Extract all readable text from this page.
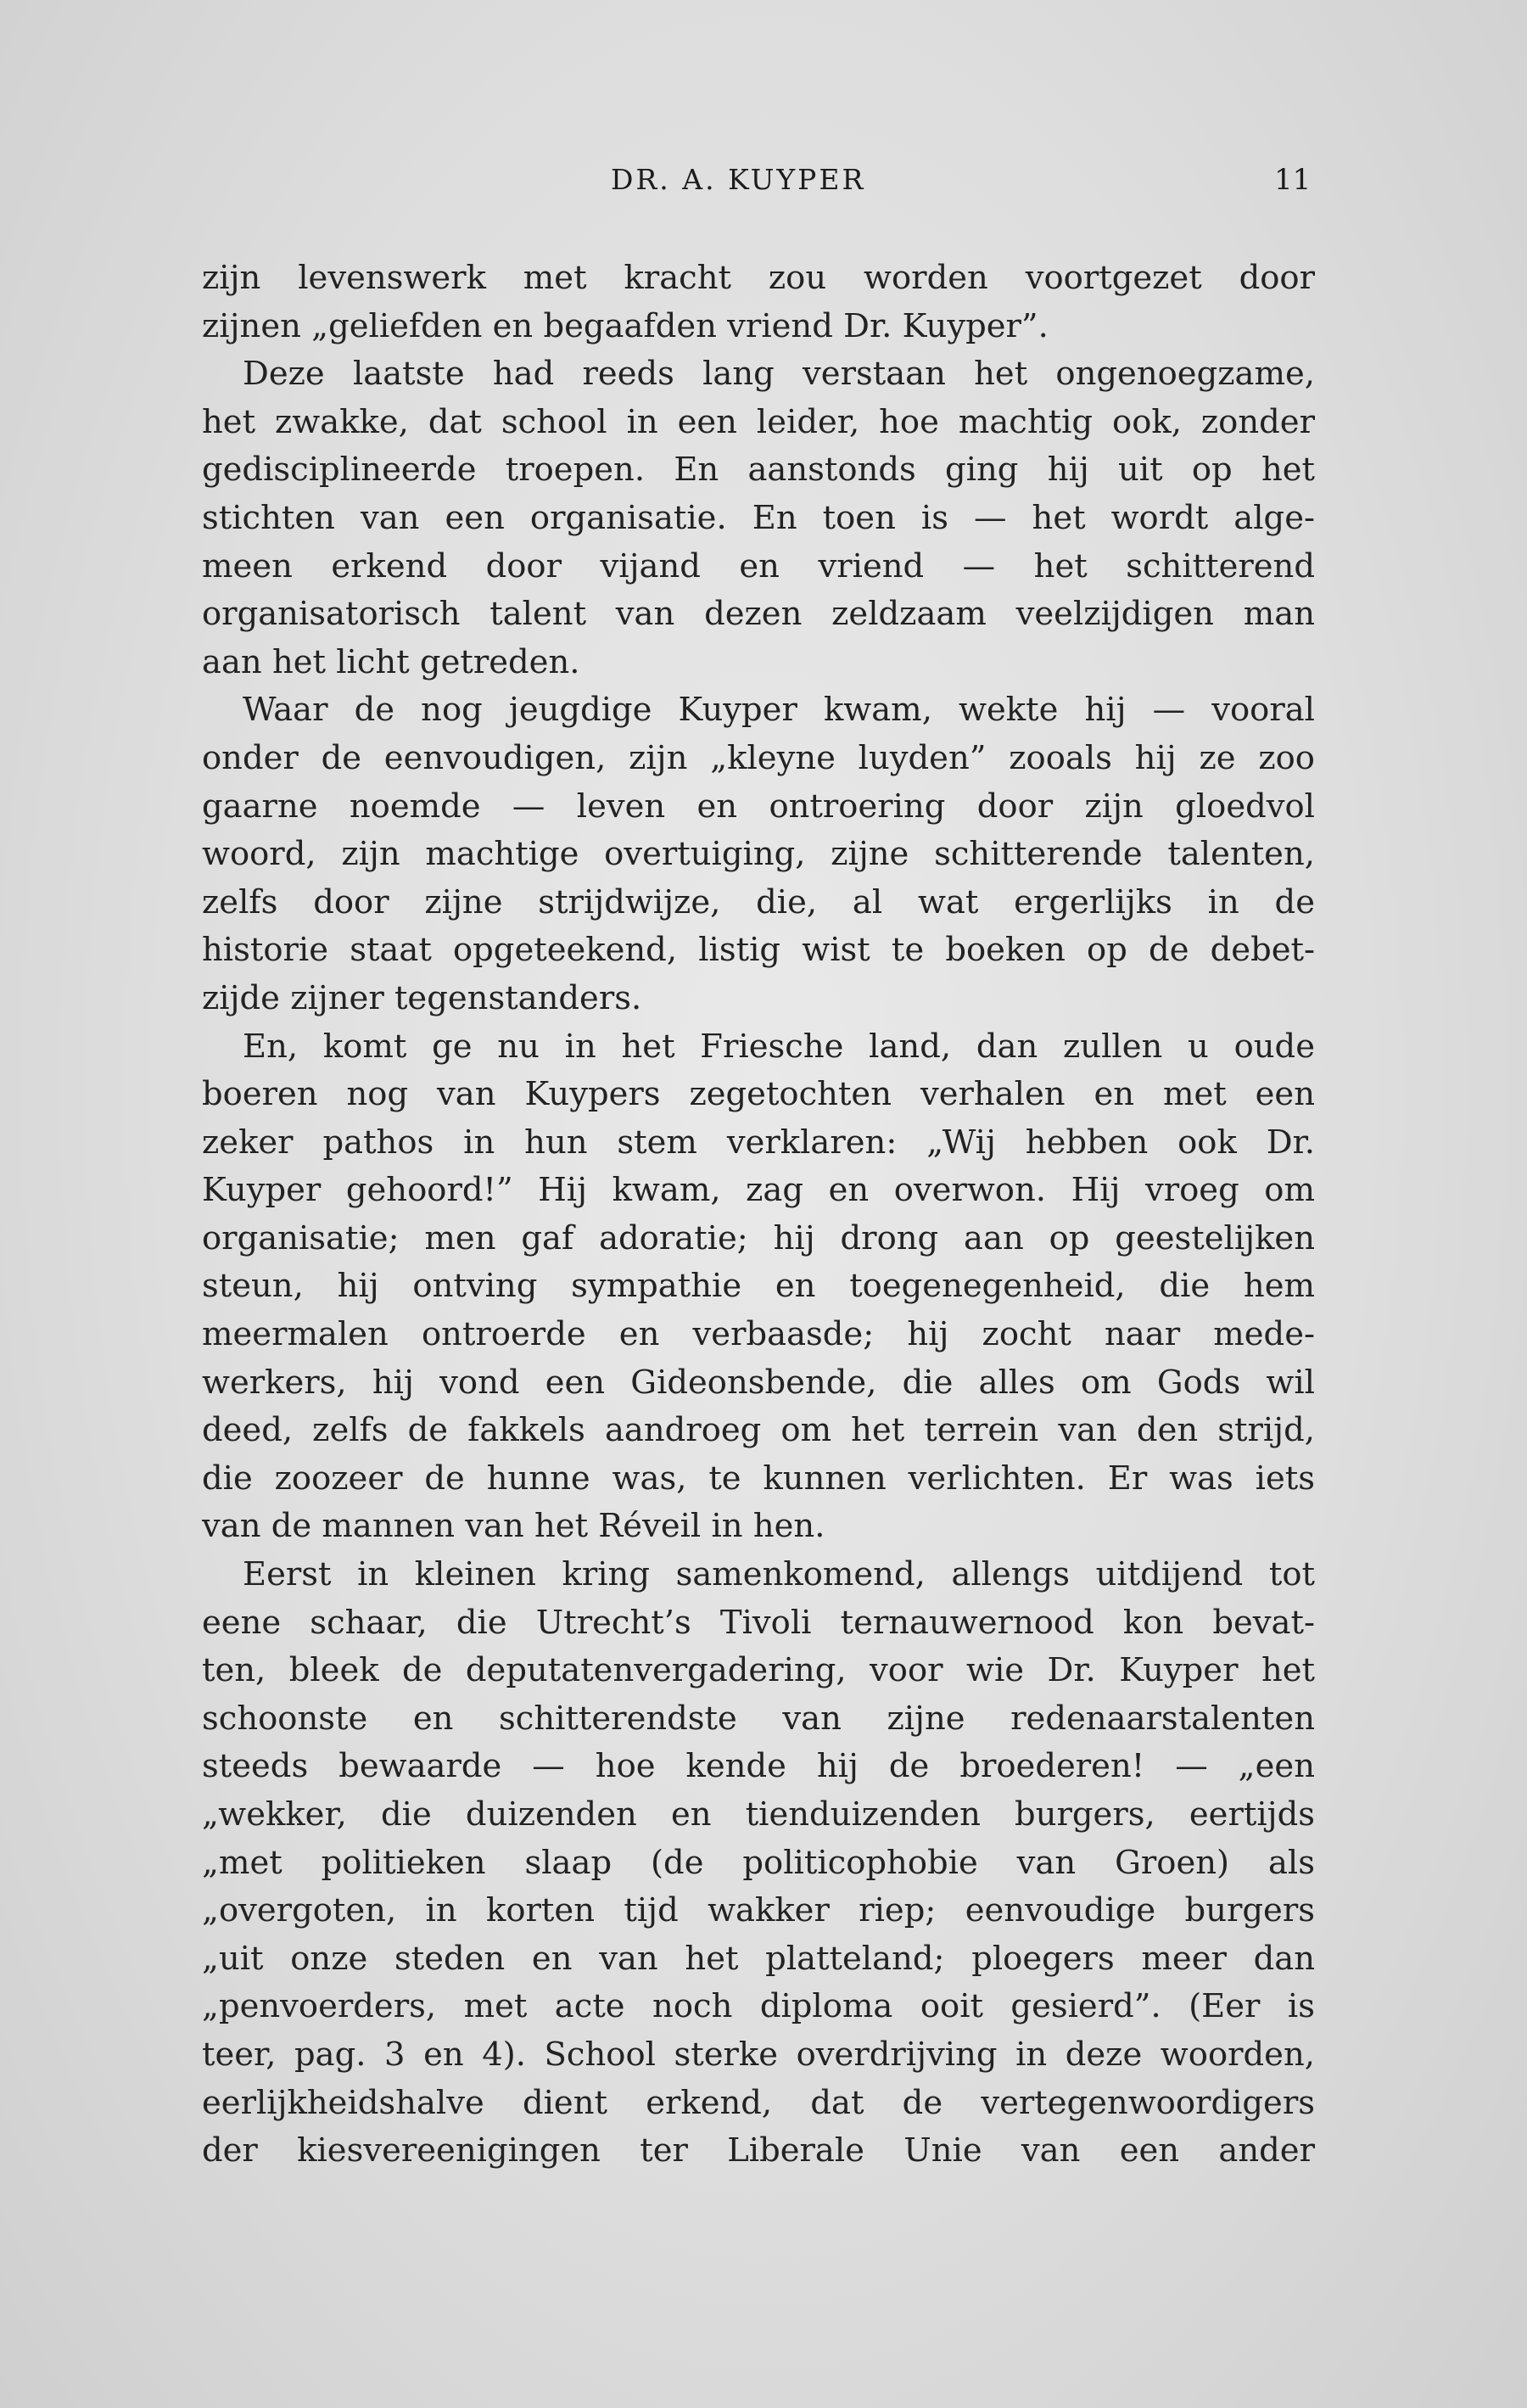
DR. A. KUYPER	11
zijn levenswerk met kracht zou worden voortgezet door
zijnen „geliefden en begaafden vriend Dr. Kuyper”.
Deze laatste had reeds lang verstaan het ongenoegzame,
het zwakke, dat school in een leider, hoe machtig ook, zonder
gedisciplineerde troepen. En aanstonds ging hij uit op het
stichten van een organisatie. En toen is — het wordt alge-
meen erkend door vijand en vriend — het schitterend
organisatorisch talent van dezen zeldzaam veelzijdigen man
aan het licht getreden.
Waar de nog jeugdige Kuyper kwam, wekte hij — vooral
onder de eenvoudigen, zijn „kleyne luyden” zooals hij ze zoo
gaarne noemde — leven en ontroering door zijn gloedvol
woord, zijn machtige overtuiging, zijne schitterende talenten,
zelfs door zijne strijdwijze, die, al wat ergerlijks in de
historie staat opgeteekend, listig wist te boeken op de debet-
zijde zijner tegenstanders.
En, komt ge nu in het Friesche land, dan zullen u oude
boeren nog van Kuypers zegetochten verhalen en met een
zeker pathos in hun stem verklaren: „Wij hebben ook Dr.
Kuyper gehoord!” Hij kwam, zag en overwon. Hij vroeg om
organisatie; men gaf adoratie; hij drong aan op geestelijken
steun, hij ontving sympathie en toegenegenheid, die hem
meermalen ontroerde en verbaasde; hij zocht naar mede-
werkers, hij vond een Gideonsbende, die alles om Gods wil
deed, zelfs de fakkels aandroeg om het terrein van den strijd,
die zoozeer de hunne was, te kunnen verlichten. Er was iets
van de mannen van het Réveil in hen.
Eerst in kleinen kring samenkomend, allengs uitdijend tot
eene schaar, die Utrecht’s Tivoli ternauwernood kon bevat-
ten, bleek de deputatenvergadering, voor wie Dr. Kuyper het
schoonste en schitterendste van zijne redenaarstalenten
steeds bewaarde — hoe kende hij de broederen! — „een
„wekker, die duizenden en tienduizenden burgers, eertijds
„met politieken slaap (de politicophobie van Groen) als
„overgoten, in korten tijd wakker riep; eenvoudige burgers
„uit onze steden en van het platteland; ploegers meer dan
„penvoerders, met acte noch diploma ooit gesierd”. (Eer is
teer, pag. 3 en 4). School sterke overdrijving in deze woorden,
eerlijkheidshalve dient erkend, dat de vertegenwoordigers
der kiesvereenigingen ter Liberale Unie van een ander
